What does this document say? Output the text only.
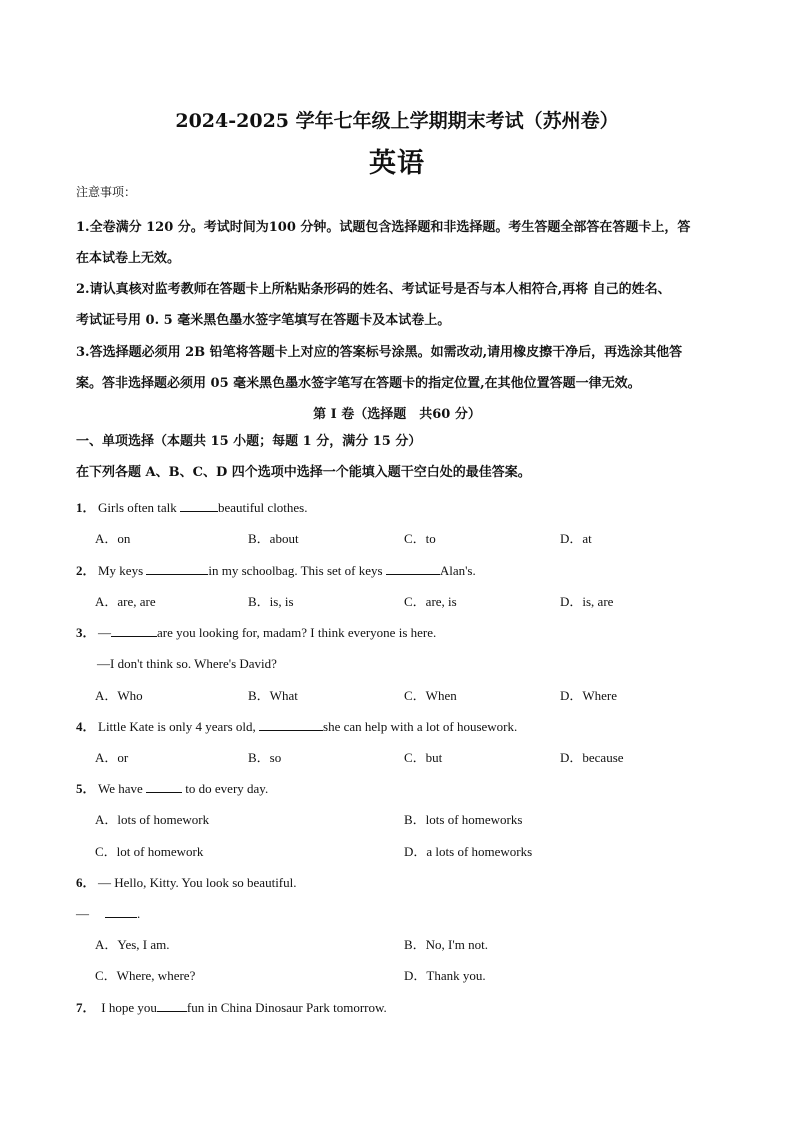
2024-2025 学年七年级上学期期末考试（苏州卷）
英语
注意事项：
1.全卷满分 120 分。考试时间为100 分钟。试题包含选择题和非选择题。考生答题全部答在答题卡上，答
在本试卷上无效。
2.请认真核对监考教师在答题卡上所粘贴条形码的姓名、考试证号是否与本人相符合,再将 自己的姓名、
考试证号用 0. 5 毫米黑色墨水签字笔填写在答题卡及本试卷上。
3.答选择题必须用 2B 铅笔将答题卡上对应的答案标号涂黑。如需改动,请用橡皮擦干净后，再选涂其他答
案。答非选择题必须用 05 毫米黑色墨水签字笔写在答题卡的指定位置,在其他位置答题一律无效。
第 I 卷（选择题　共60 分）
一、单项选择（本题共 15 小题；每题 1 分，满分 15 分）
在下列各题 A、B、C、D 四个选项中选择一个能填入题干空白处的最佳答案。
1． Girls often talk	beautiful clothes.
A．on	B．about	C．to	D．at
2． My keys	in my schoolbag. This set of keys	Alan's.
A．are, are	B．is, is	C．are, is	D．is, are
3． —	are you looking for, madam? I think everyone is here.
—I don't think so. Where's David?
A．Who	B．What	C．When	D．Where
4． Little Kate is only 4 years old,	she can help with a lot of housework.
A．or	B．so	C．but	D．because
5． We have	to do every day.
A．lots of homework	B．lots of homeworks
C．lot of homework	D．a lots of homeworks
6． — Hello, Kitty. You look so beautiful.
—	.
A．Yes, I am.	B．No, I'm not.
C．Where, where?	D．Thank you.
7． I hope you fun in China Dinosaur Park tomorrow.
